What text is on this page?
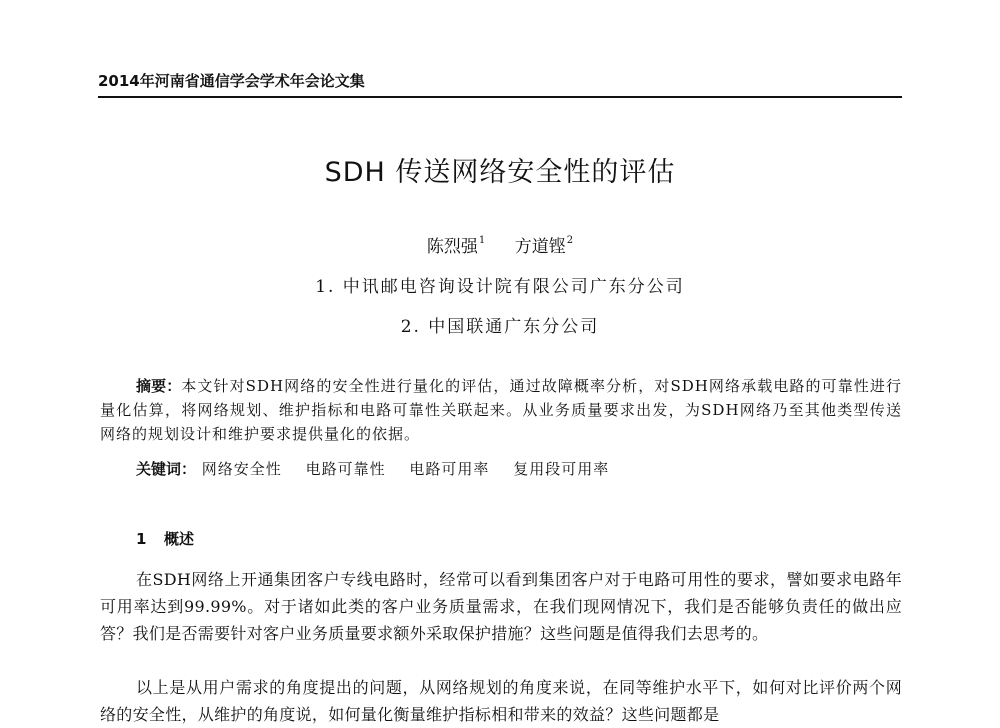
2014年河南省通信学会学术年会论文集
SDH 传送网络安全性的评估
陈烈强$^1$ 方道铿$^2$
1. 中讯邮电咨询设计院有限公司广东分公司
2. 中国联通广东分公司
摘要：本文针对SDH网络的安全性进行量化的评估，通过故障概率分析，对SDH网络承载电路的可靠性进行量化估算，将网络规划、维护指标和电路可靠性关联起来。从业务质量要求出发，为SDH网络乃至其他类型传送网络的规划设计和维护要求提供量化的依据。
关键词： 网络安全性 电路可靠性 电路可用率 复用段可用率
1 概述
在SDH网络上开通集团客户专线电路时，经常可以看到集团客户对于电路可用性的要求，譬如要求电路年可用率达到99.99%。对于诸如此类的客户业务质量需求，在我们现网情况下，我们是否能够负责任的做出应答？我们是否需要针对客户业务质量要求额外采取保护措施？这些问题是值得我们去思考的。
以上是从用户需求的角度提出的问题，从网络规划的角度来说，在同等维护水平下，如何对比评价两个网络的安全性，从维护的角度说，如何量化衡量维护指标相和带来的效益？这些问题都是
